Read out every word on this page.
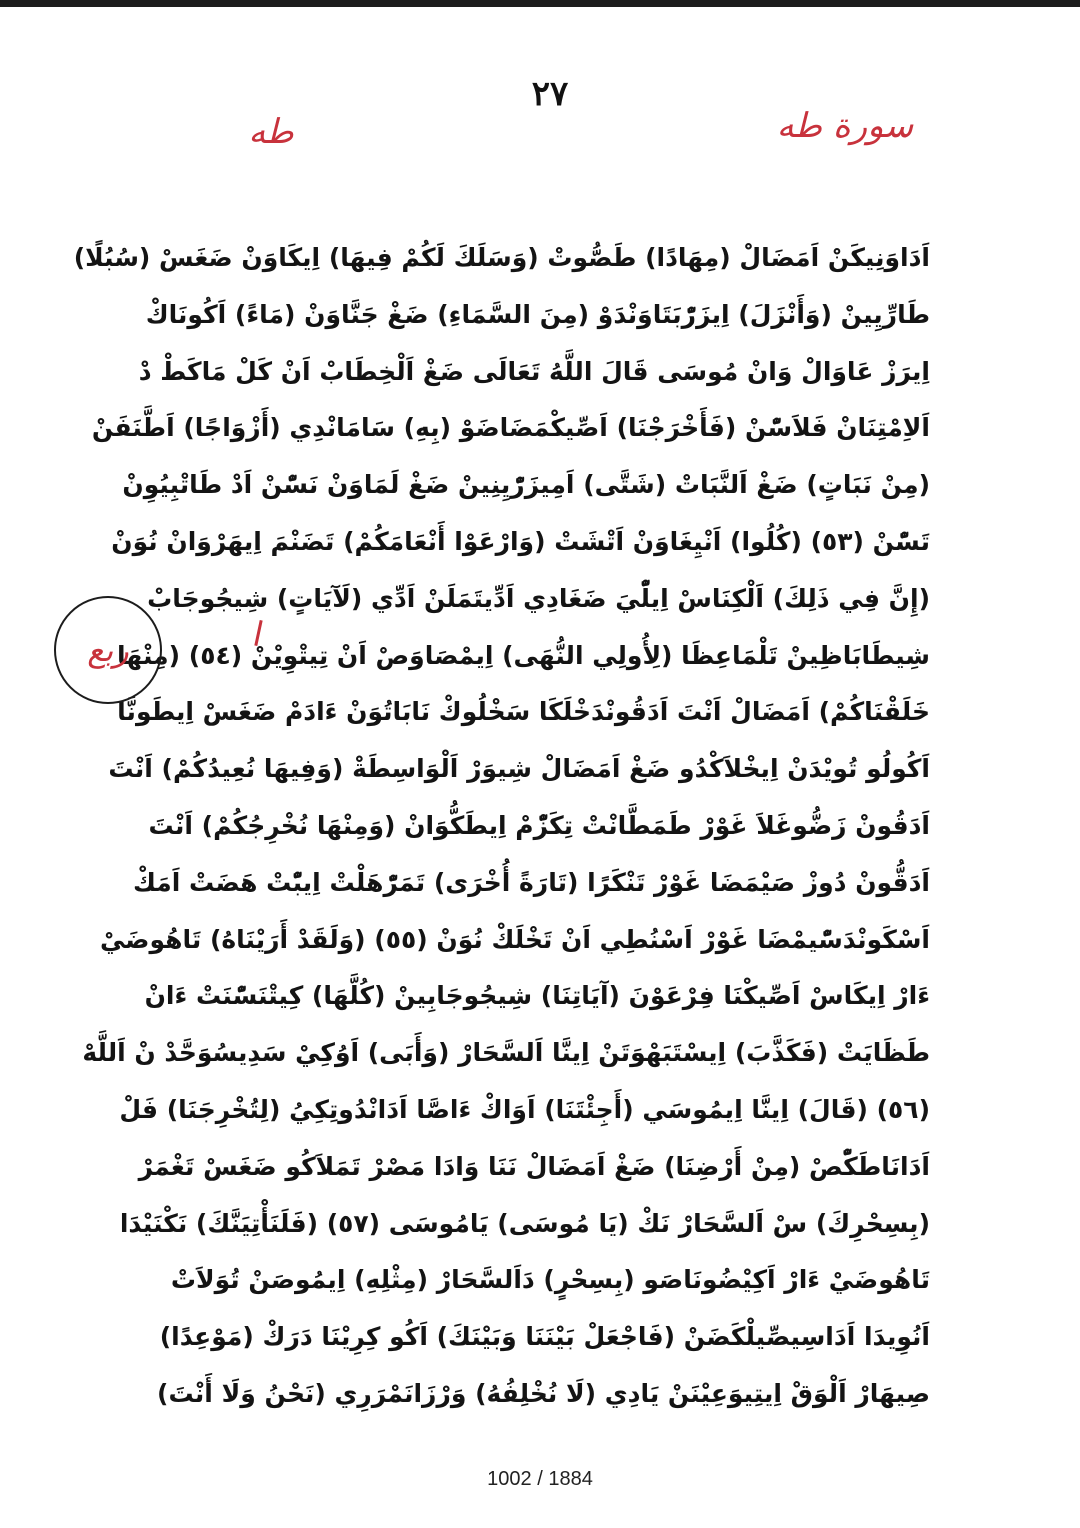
٢٧
سورة طه
طه
اَدَاوَنِيكَنْ اَمَضَالْ (مِهَادًا) طَصُّوتْ (وَسَلَكَ لَكُمْ فِيهَا) اِيكَاوَنْ ضَغَسْ (سُبُلًا)
طَارِّيِينْ (وَأَنْزَلَ) اِيزَرّْبَتَاوَنْدَوْ (مِنَ السَّمَاءِ) ضَغْ جَنَّاوَنْ (مَاءً) اَكُونَاكْ
اِيرَزْ عَاوَالْ وَانْ مُوسَى قَالَ اللَّهُ تَعَالَى ضَغْ اَلْخِطَابْ اَنْ كَلْ مَاكَطْ دْ
اَلاِمْتِنَانْ فَلاَسّْنْ (فَأَخْرَجْنَا) اَصِّيكْمَضَاضَوْ (بِهِ) سَامَانْدِي (أَزْوَاجًا) اَطَّنَفَنْ
(مِنْ نَبَاتٍ) ضَغْ اَلنَّبَاتْ (شَتَّى) اَمِيزَرّْيِنِينْ ضَغْ لَمَاوَنْ نَسّْنْ اَدْ طَاتْبِيُوِنْ
تَسّْنْ (٥٣) (كُلُوا) اَنْيِغَاوَنْ اَتْشَتْ (وَارْعَوْا أَنْعَامَكُمْ) تَضَنْمَ اِيهَرْوَانْ نُوَنْ
(إِنَّ فِي ذَلِكَ) اَلْكِنَاسْ اِيلّْيَ ضَغَادِي اَدِّيتَمَلَنْ اَدِّي (لَآيَاتٍ) شِيجُوجَابْ
شِيطَابَاظِينْ تَلْمَاعِظَا (لِأُولِي النُّهَى) اِيمْصَاوَصْ اَنْ تِيتْوِيْنْ (٥٤) (مِنْهَا
خَلَقْنَاكُمْ) اَمَضَالْ اَنْتَ اَدَقُونْدَخْلَكَا سَخْلُوكْ نَابَاتُوَنْ ءَادَمْ ضَغَسْ اِيطَونَّا
اَكُولُو تُويْدَنْ اِيخْلاَكْدُو ضَغْ اَمَضَالْ شِيوَرْ اَلْوَاسِطَةْ (وَفِيهَا نُعِيدُكُمْ) اَنْتَ
اَدَقُونْ زَضُّوغَلاَ غَوْرْ طَمَطَّانْتْ تِكَزّْمْ اِيطَكُّوَانْ (وَمِنْهَا نُخْرِجُكُمْ) اَنْتَ
اَدَقُّونْ دُوزْ صَيْمَضَا غَوْرْ تَنْكَرًا (تَارَةً أُخْرَى) تَمَرّْهَلْتْ اِيبّْتْ هَضَتْ اَمَكْ
اَسْكَونْدَسّْيمْضَا غَوْرْ اَسْنُطِي اَنْ تَخْلَكْ نُوَنْ (٥٥) (وَلَقَدْ أَرَيْنَاهُ) تَاهُوضَيْ
ءَارْ اِيكَاسْ اَصِّيكْنَا فِرْعَوْنَ (آيَاتِنَا) شِيجُوجَابِينْ (كُلَّهَا) كِيتْنَسّْنَتْ ءَانْ
طَظَايَتْ (فَكَذَّبَ) اِيسْتَبَهْوَتَنْ اِينَّا اَلسَّحَارْ (وَأَبَى) اَوُكِيْ سَدِيسُوَحَّدْ نْ اَللَّهْ
(٥٦) (قَالَ) اِينَّا اِيمُوسَي (أَجِئْتَنَا) اَوَاكْ ءَاصَّا اَدَانْدُوتِكِيُ (لِتُخْرِجَنَا) فَلْ
اَدَانَاطَكّْصْ (مِنْ أَرْضِنَا) ضَغْ اَمَضَالْ نَنَا وَادَا مَصْرْ تَمَلاَكُو ضَغَسْ تَغْمَرْ
(بِسِحْرِكَ) سْ اَلسَّحَارْ نَكْ (يَا مُوسَى) يَامُوسَى (٥٧) (فَلَنَأْتِيَنَّكَ) نَكْنَيْدَا
تَاهُوضَيْ ءَارْ اَكِيْضُونَاصَو (بِسِحْرٍ) دَاَلسَّحَارْ (مِثْلِهِ) اِيمُوصَنْ تُوَلاَتْ
اَنُوِيدَا اَدَاسِيصِّيلْكَضَنْ (فَاجْعَلْ بَيْنَنَا وَبَيْنَكَ) اَكُو كِرِيْنَا دَرَكْ (مَوْعِدًا)
صِيهَارْ اَلْوَقْ اِيتِيوَعِيْنَنْ يَادِي (لَا نُخْلِفُهُ) وَرْزَانَمْرَرِي (نَحْنُ وَلَا أَنْتَ)
ربع
1002 / 1884
